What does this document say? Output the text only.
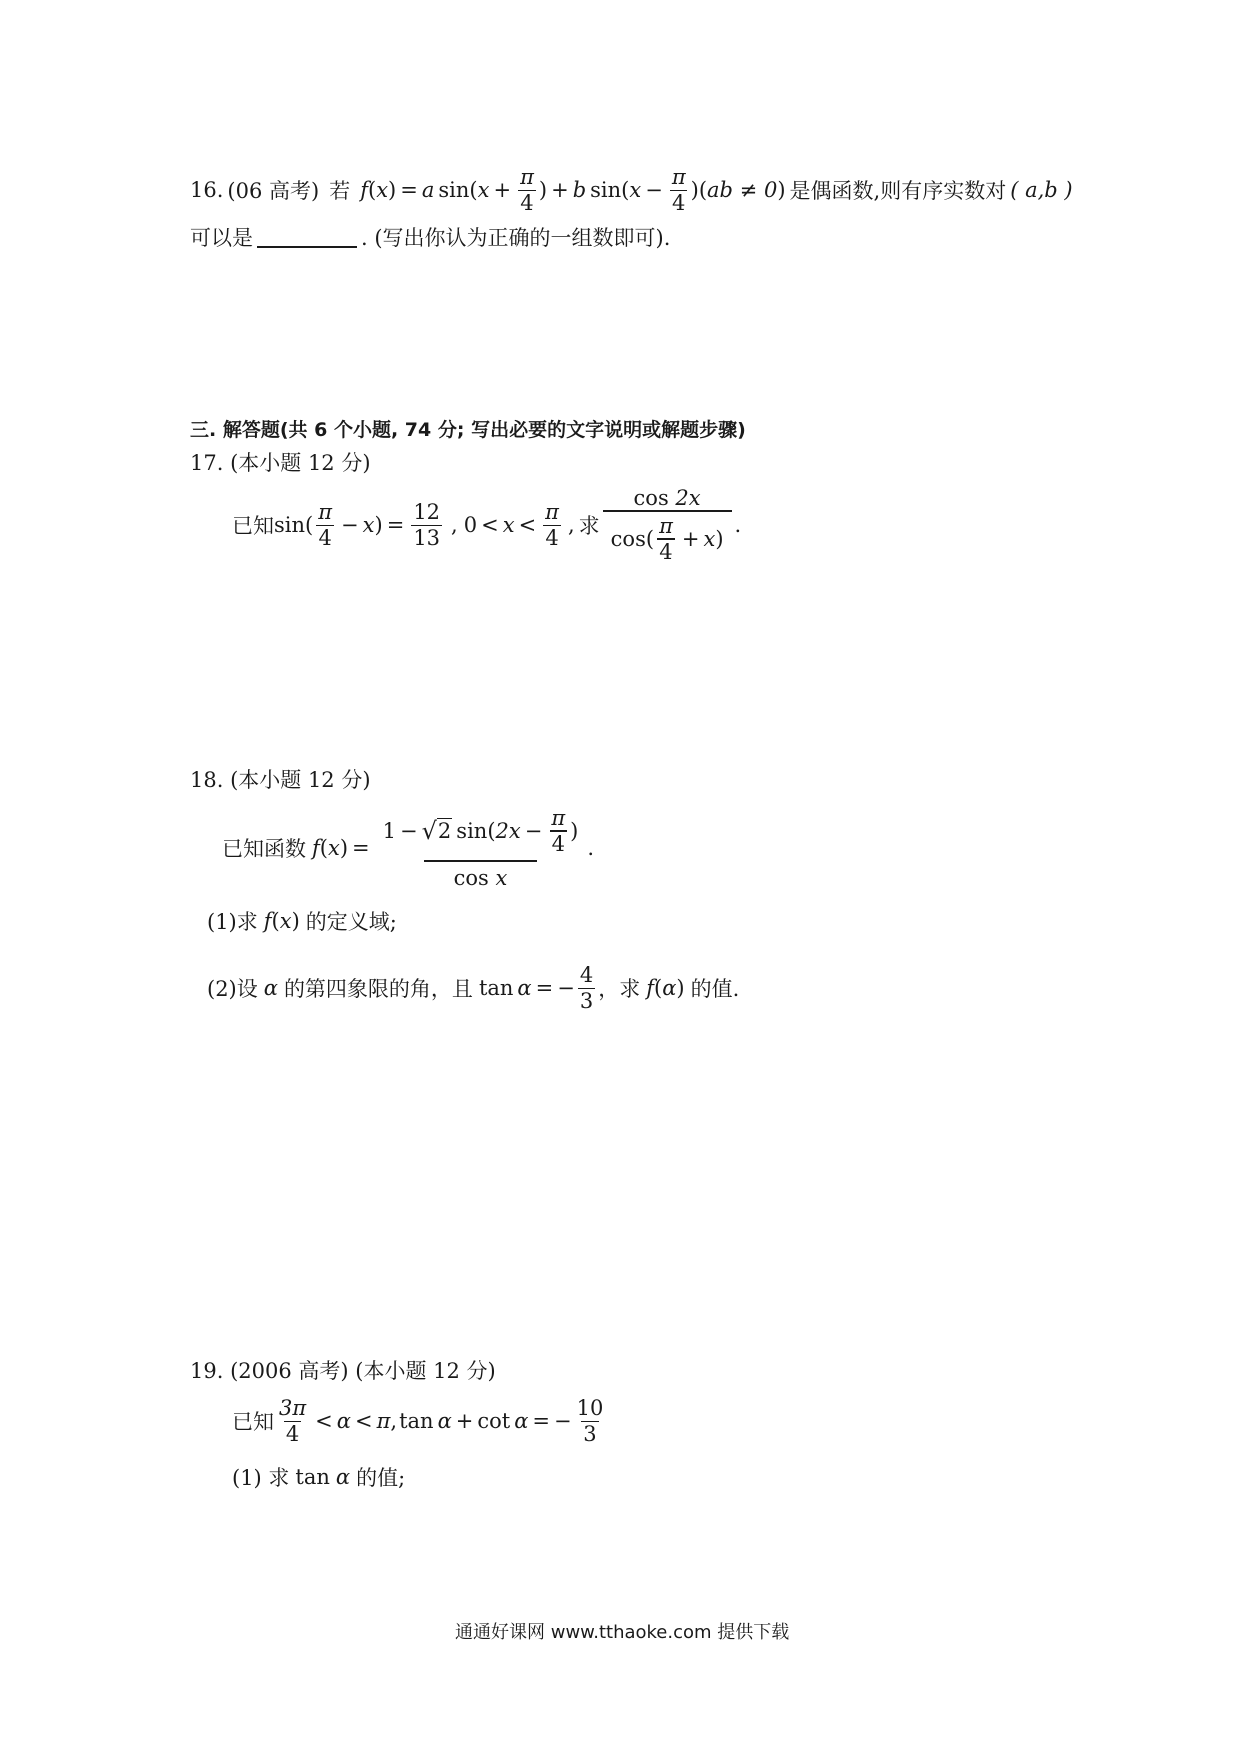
16. (06 高考) 若 f ( x ) = a sin ( $x + \frac{\pi}{4}$ ) + b sin ( $x - \frac{\pi}{4}$ )( ab ≠ 0 ) 是偶函数,则有序实数对 ( a,b )
可以是	. (写出你认为正确的一组数即可).
三. 解答题(共 6 个小题, 74 分; 写出必要的文字说明或解题步骤)
17. (本小题 12 分)
已知 sin ( $\frac{\pi}{4} - x$ ) = $\frac{12}{13}$ , $0 < x < \frac{\pi}{4}$ , 求 $\frac{\cos 2x}{\cos ( \frac{\pi}{4} + x )}$ .
18. (本小题 12 分)
已知函数 f ( x ) = $\frac{1 - √ 2 \sin ( 2x - \frac{\pi}{4} )}{\text{cos x}}$ .
(1)求 f ( x ) 的定义域;
(2)设 α 的第四象限的角，且 tan α = − $\frac{4}{3}$ ，求 f ( α ) 的值.
19. (2006 高考) (本小题 12 分)
已知 $\frac{3\pi}{4} < \alpha < \pi$ , tan α + cot α = − $\frac{10}{3}$
(1) 求 tan α 的值;
通通好课网 www.tthaoke.com 提供下载
